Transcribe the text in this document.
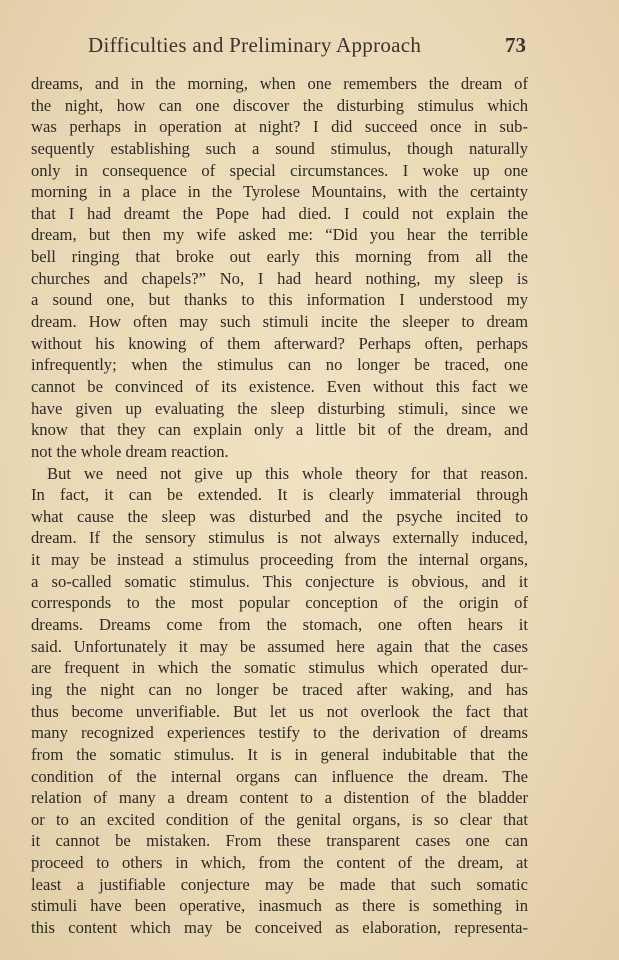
Difficulties and Preliminary Approach	73
dreams, and in the morning, when one remembers the dream of
the night, how can one discover the disturbing stimulus which
was perhaps in operation at night? I did succeed once in sub-
sequently establishing such a sound stimulus, though naturally
only in consequence of special circumstances. I woke up one
morning in a place in the Tyrolese Mountains, with the certainty
that I had dreamt the Pope had died. I could not explain the
dream, but then my wife asked me: “Did you hear the terrible
bell ringing that broke out early this morning from all the
churches and chapels?” No, I had heard nothing, my sleep is
a sound one, but thanks to this information I understood my
dream. How often may such stimuli incite the sleeper to dream
without his knowing of them afterward? Perhaps often, perhaps
infrequently; when the stimulus can no longer be traced, one
cannot be convinced of its existence. Even without this fact we
have given up evaluating the sleep disturbing stimuli, since we
know that they can explain only a little bit of the dream, and
not the whole dream reaction.
But we need not give up this whole theory for that reason.
In fact, it can be extended. It is clearly immaterial through
what cause the sleep was disturbed and the psyche incited to
dream. If the sensory stimulus is not always externally induced,
it may be instead a stimulus proceeding from the internal organs,
a so-called somatic stimulus. This conjecture is obvious, and it
corresponds to the most popular conception of the origin of
dreams. Dreams come from the stomach, one often hears it
said. Unfortunately it may be assumed here again that the cases
are frequent in which the somatic stimulus which operated dur-
ing the night can no longer be traced after waking, and has
thus become unverifiable. But let us not overlook the fact that
many recognized experiences testify to the derivation of dreams
from the somatic stimulus. It is in general indubitable that the
condition of the internal organs can influence the dream. The
relation of many a dream content to a distention of the bladder
or to an excited condition of the genital organs, is so clear that
it cannot be mistaken. From these transparent cases one can
proceed to others in which, from the content of the dream, at
least a justifiable conjecture may be made that such somatic
stimuli have been operative, inasmuch as there is something in
this content which may be conceived as elaboration, representa-
